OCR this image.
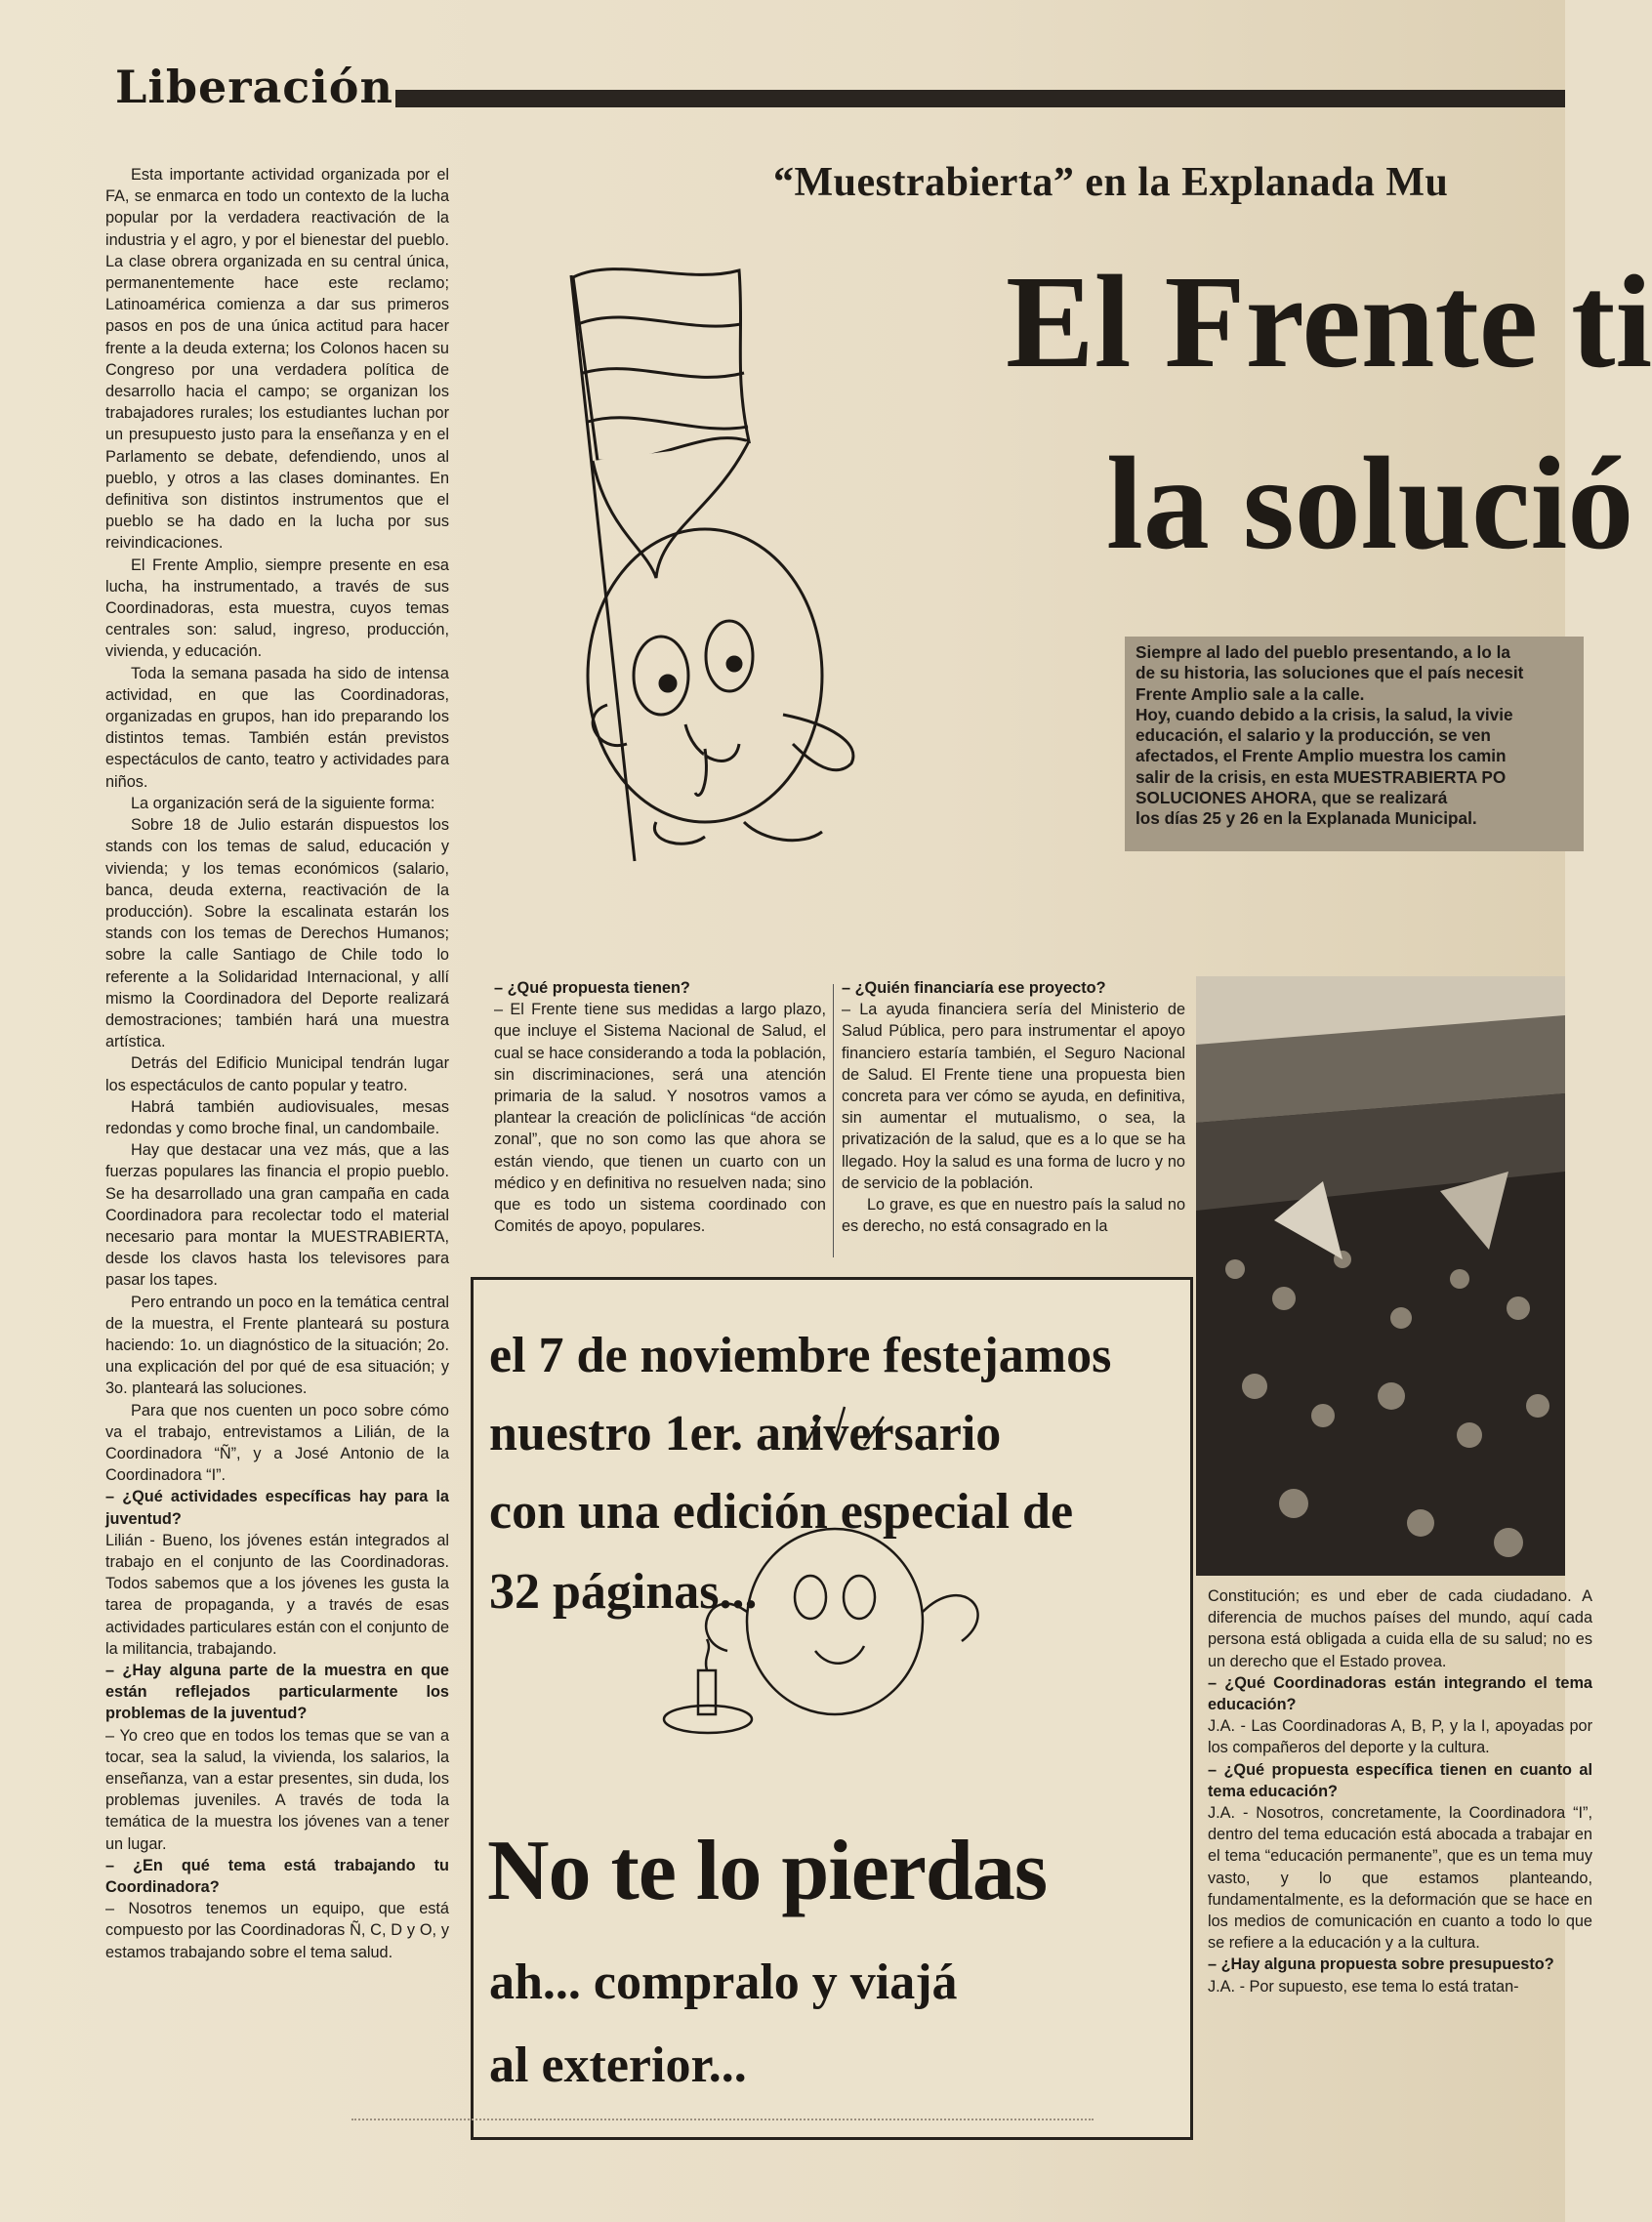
Liberación

Esta importante actividad organizada por el FA, se enmarca en todo un contexto de la lucha popular por la verdadera reactivación de la industria y el agro, y por el bienestar del pueblo. La clase obrera organizada en su central única, permanentemente hace este reclamo; Latinoamérica comienza a dar sus primeros pasos en pos de una única actitud para hacer frente a la deuda externa; los Colonos hacen su Congreso por una verdadera política de desarrollo hacia el campo; se organizan los trabajadores rurales; los estudiantes luchan por un presupuesto justo para la enseñanza y en el Parlamento se debate, defendiendo, unos al pueblo, y otros a las clases dominantes. En definitiva son distintos instrumentos que el pueblo se ha dado en la lucha por sus reivindicaciones.

El Frente Amplio, siempre presente en esa lucha, ha instrumentado, a través de sus Coordinadoras, esta muestra, cuyos temas centrales son: salud, ingreso, producción, vivienda, y educación.

Toda la semana pasada ha sido de intensa actividad, en que las Coordinadoras, organizadas en grupos, han ido preparando los distintos temas. También están previstos espectáculos de canto, teatro y actividades para niños.

La organización será de la siguiente forma:

Sobre 18 de Julio estarán dispuestos los stands con los temas de salud, educación y vivienda; y los temas económicos (salario, banca, deuda externa, reactivación de la producción). Sobre la escalinata estarán los stands con los temas de Derechos Humanos; sobre la calle Santiago de Chile todo lo referente a la Solidaridad Internacional, y allí mismo la Coordinadora del Deporte realizará demostraciones; también hará una muestra artística.

Detrás del Edificio Municipal tendrán lugar los espectáculos de canto popular y teatro.

Habrá también audiovisuales, mesas redondas y como broche final, un candombaile.

Hay que destacar una vez más, que a las fuerzas populares las financia el propio pueblo. Se ha desarrollado una gran campaña en cada Coordinadora para recolectar todo el material necesario para montar la MUESTRABIERTA, desde los clavos hasta los televisores para pasar los tapes.

Pero entrando un poco en la temática central de la muestra, el Frente planteará su postura haciendo: 1o. un diagnóstico de la situación; 2o. una explicación del por qué de esa situación; y 3o. planteará las soluciones.

Para que nos cuenten un poco sobre cómo va el trabajo, entrevistamos a Lilián, de la Coordinadora “Ñ”, y a José Antonio de la Coordinadora “I”.

– ¿Qué actividades específicas hay para la juventud?

Lilián - Bueno, los jóvenes están integrados al trabajo en el conjunto de las Coordinadoras. Todos sabemos que a los jóvenes les gusta la tarea de propaganda, y a través de esas actividades particulares están con el conjunto de la militancia, trabajando.

– ¿Hay alguna parte de la muestra en que están reflejados particularmente los problemas de la juventud?

– Yo creo que en todos los temas que se van a tocar, sea la salud, la vivienda, los salarios, la enseñanza, van a estar presentes, sin duda, los problemas juveniles. A través de toda la temática de la muestra los jóvenes van a tener un lugar.

– ¿En qué tema está trabajando tu Coordinadora?

– Nosotros tenemos un equipo, que está compuesto por las Coordinadoras Ñ, C, D y O, y estamos trabajando sobre el tema salud.

“Muestrabierta” en la Explanada Mu
El Frente ti
la solució
Siempre al lado del pueblo presentando, a lo la
de su historia, las soluciones que el país necesit
Frente Amplio sale a la calle.
Hoy, cuando debido a la crisis, la salud, la vivie
educación, el salario y la producción, se ven
afectados, el Frente Amplio muestra los camin
salir de la crisis, en esta MUESTRABIERTA PO
SOLUCIONES AHORA, que se realizará
los días 25 y 26 en la Explanada Municipal.

– ¿Qué propuesta tienen?

– El Frente tiene sus medidas a largo plazo, que incluye el Sistema Nacional de Salud, el cual se hace considerando a toda la población, sin discriminaciones, será una atención primaria de la salud. Y nosotros vamos a plantear la creación de policlínicas “de acción zonal”, que no son como las que ahora se están viendo, que tienen un cuarto con un médico y en definitiva no resuelven nada; sino que es todo un sistema coordinado con Comités de apoyo, populares.

– ¿Quién financiaría ese proyecto?

– La ayuda financiera sería del Ministerio de Salud Pública, pero para instrumentar el apoyo financiero estaría también, el Seguro Nacional de Salud. El Frente tiene una propuesta bien concreta para ver cómo se ayuda, en definitiva, sin aumentar el mutualismo, o sea, la privatización de la salud, que es a lo que se ha llegado. Hoy la salud es una forma de lucro y no de servicio de la población.

Lo grave, es que en nuestro país la salud no es derecho, no está consagrado en la

Constitución; es und eber de cada ciudadano. A diferencia de muchos países del mundo, aquí cada persona está obligada a cuida ella de su salud; no es un derecho que el Estado provea.

– ¿Qué Coordinadoras están integrando el tema educación?

J.A. - Las Coordinadoras A, B, P, y la I, apoyadas por los compañeros del deporte y la cultura.

– ¿Qué propuesta específica tienen en cuanto al tema educación?

J.A. - Nosotros, concretamente, la Coordinadora “I”, dentro del tema educación está abocada a trabajar en el tema “educación permanente”, que es un tema muy vasto, y lo que estamos planteando, fundamentalmente, es la deformación que se hace en los medios de comunicación en cuanto a todo lo que se refiere a la educación y a la cultura.

– ¿Hay alguna propuesta sobre presupuesto?

J.A. - Por supuesto, ese tema lo está tratan-

el 7 de noviembre festejamos
nuestro 1er. aniversario
con una edición especial de
32 páginas...
No te lo pierdas
ah... compralo y viajá
al exterior...
